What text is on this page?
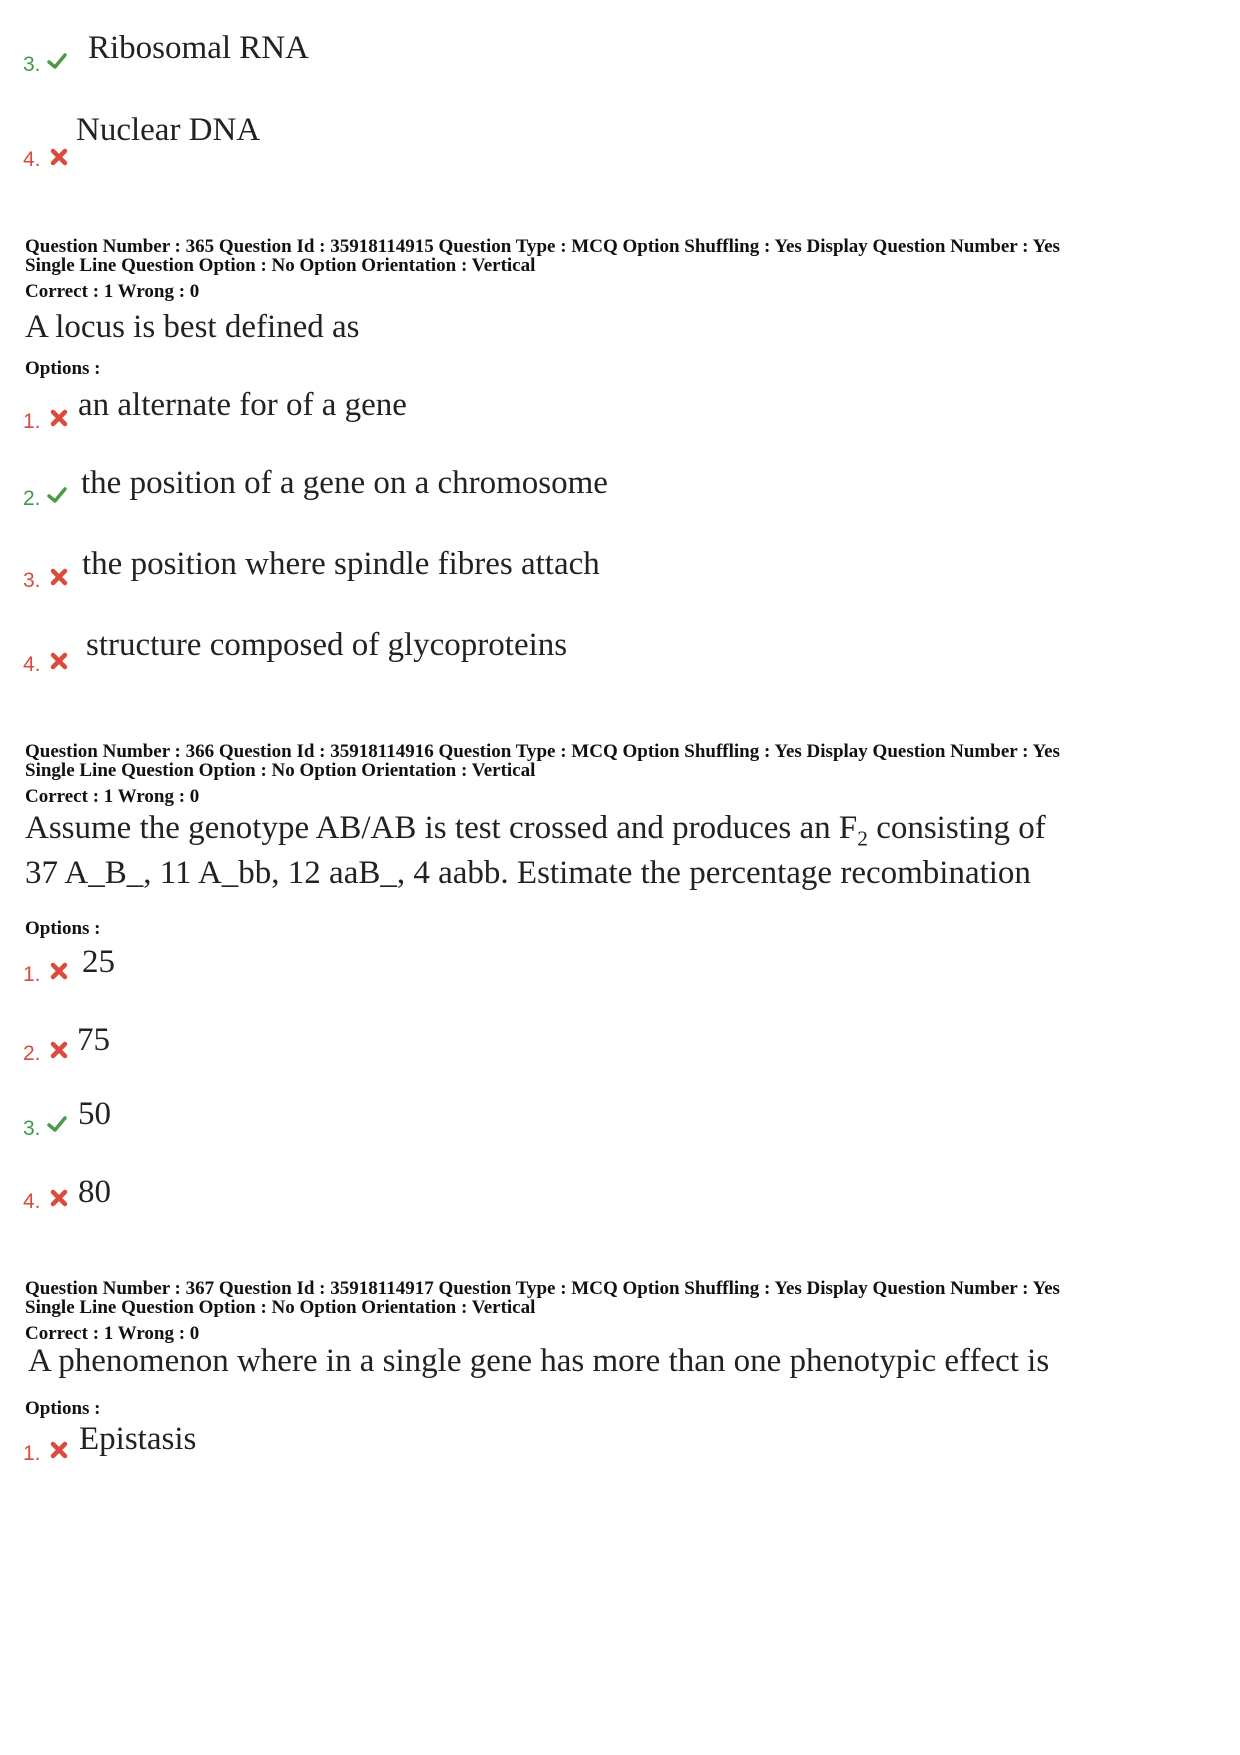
3. Ribosomal RNA
4.
Nuclear DNA
Question Number : 365 Question Id : 35918114915 Question Type : MCQ Option Shuffling : Yes Display Question Number : Yes
Single Line Question Option : No Option Orientation : Vertical
Correct : 1 Wrong : 0
A locus is best defined as
Options :
1. an alternate for of a gene
2. the position of a gene on a chromosome
3. the position where spindle fibres attach
4.
structure composed of glycoproteins
Question Number : 366 Question Id : 35918114916 Question Type : MCQ Option Shuffling : Yes Display Question Number : Yes
Single Line Question Option : No Option Orientation : Vertical
Correct : 1 Wrong : 0
Assume the genotype AB/AB is test crossed and produces an $F_2$ consisting of
37 A_B_, 11 A_bb, 12 aaB_, 4 aabb. Estimate the percentage recombination
Options :
1. 25
2. 75
3. 50
4. 80
Question Number : 367 Question Id : 35918114917 Question Type : MCQ Option Shuffling : Yes Display Question Number : Yes
Single Line Question Option : No Option Orientation : Vertical
Correct : 1 Wrong : 0
A phenomenon where in a single gene has more than one phenotypic effect is
Options :
1. Epistasis
